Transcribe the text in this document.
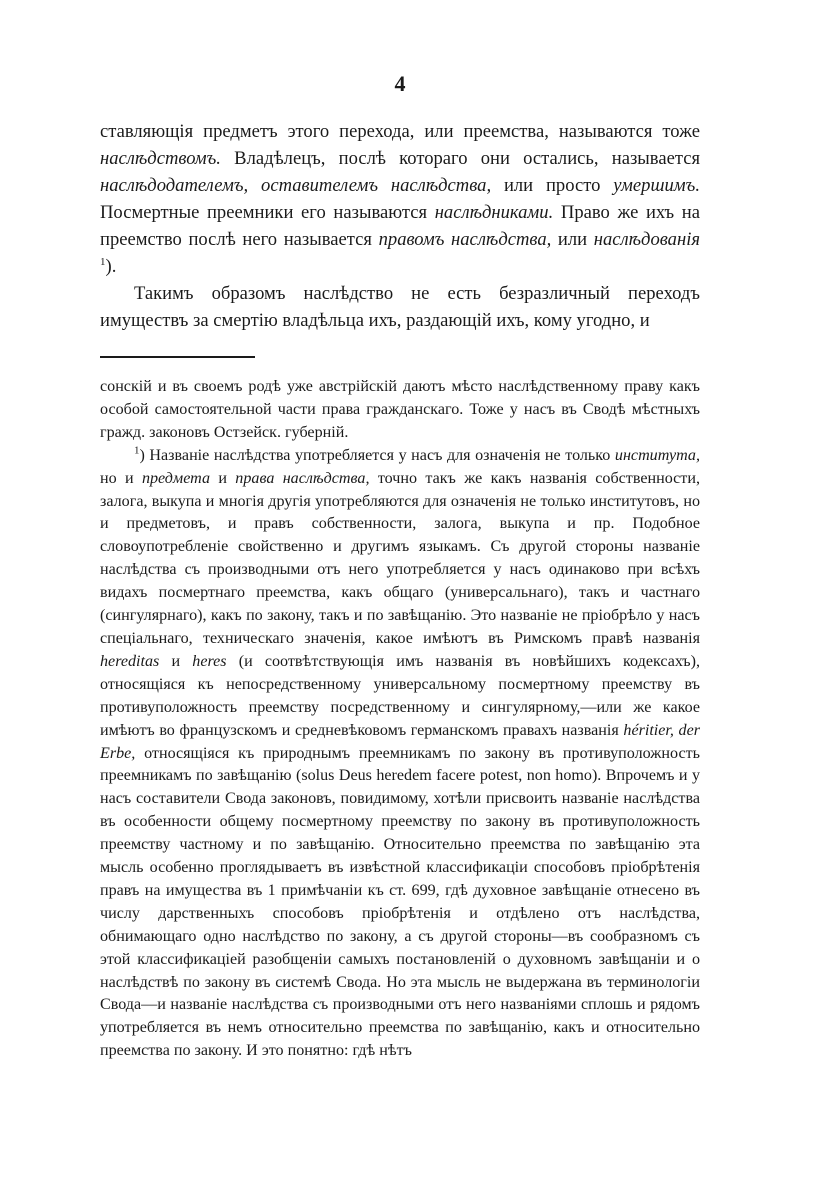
4

ставляющія предметъ этого перехода, или преемства, называются тоже наслѣдствомъ. Владѣлецъ, послѣ котораго они остались, называется наслѣдодателемъ, оставителемъ наслѣдства, или просто умершимъ. Посмертные преемники его называются наслѣдниками. Право же ихъ на преемство послѣ него называется правомъ наслѣдства, или наслѣдованія $^1$).

Такимъ образомъ наслѣдство не есть безразличный переходъ имуществъ за смертію владѣльца ихъ, раздающій ихъ, кому угодно, и

сонскій и въ своемъ родѣ уже австрійскій даютъ мѣсто наслѣдственному праву какъ особой самостоятельной части права гражданскаго. Тоже у насъ въ Сводѣ мѣстныхъ гражд. законовъ Остзейск. губерній.

$^1$) Названіе наслѣдства употребляется у насъ для означенія не только института, но и предмета и права наслѣдства, точно такъ же какъ названія собственности, залога, выкупа и многія другія употребляются для означенія не только институтовъ, но и предметовъ, и правъ собственности, залога, выкупа и пр. Подобное словоупотребленіе свойственно и другимъ языкамъ. Съ другой стороны названіе наслѣдства съ производными отъ него употребляется у насъ одинаково при всѣхъ видахъ посмертнаго преемства, какъ общаго (универсальнаго), такъ и частнаго (сингулярнаго), какъ по закону, такъ и по завѣщанію. Это названіе не пріобрѣло у насъ спеціальнаго, техническаго значенія, какое имѣютъ въ Римскомъ правѣ названія hereditas и heres (и соотвѣтствующія имъ названія въ новѣйшихъ кодексахъ), относящіяся къ непосредственному универсальному посмертному преемству въ противуположность преемству посредственному и сингулярному,—или же какое имѣютъ во французскомъ и средневѣковомъ германскомъ правахъ названія héritier, der Erbe, относящіяся къ природнымъ преемникамъ по закону въ противуположность преемникамъ по завѣщанію (solus Deus heredem facere potest, non homo). Впрочемъ и у насъ составители Свода законовъ, повидимому, хотѣли присвоить названіе наслѣдства въ особенности общему посмертному преемству по закону въ противуположность преемству частному и по завѣщанію. Относительно преемства по завѣщанію эта мысль особенно проглядываетъ въ извѣстной классификаціи способовъ пріобрѣтенія правъ на имущества въ 1 примѣчаніи къ ст. 699, гдѣ духовное завѣщаніе отнесено въ числу дарственныхъ способовъ пріобрѣтенія и отдѣлено отъ наслѣдства, обнимающаго одно наслѣдство по закону, а съ другой стороны—въ сообразномъ съ этой классификаціей разобщеніи самыхъ постановленій о духовномъ завѣщаніи и о наслѣдствѣ по закону въ системѣ Свода. Но эта мысль не выдержана въ терминологіи Свода—и названіе наслѣдства съ производными отъ него названіями сплошь и рядомъ употребляется въ немъ относительно преемства по завѣщанію, какъ и относительно преемства по закону. И это понятно: гдѣ нѣтъ
